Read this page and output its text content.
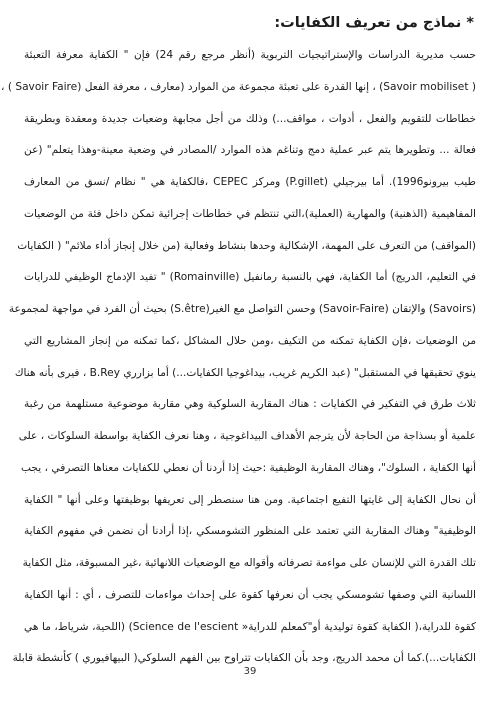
* نماذج من تعريف الكفايات:
حسب مديرية الدراسات والإستراتيجيات التربوية (أنظر مرجع رقم 24) فإن " الكفاية معرفة التعبئة
( Savoir mobiliset) ، إنها القدرة على تعبئة مجموعة من الموارد (معارف ، معرفة الفعل (Savoir Faire ) ،
خطاطات للتقويم والفعل ، أدوات ، مواقف...) وذلك من أجل مجابهة وضعيات جديدة ومعقدة وبطريقة
فعالة ... وتطويرها يتم عبر عملية دمج وتناغم هذه الموارد /المصادر في وضعية معينة-وهذا يتعلم" (عن
طيب بيرونو1996). أما بيرجيلي (P.gillet) ومركز CEPEC ،فالكفاية هي " نظام /نسق من المعارف
المفاهيمية (الذهنية) والمهارية (العملية)،التي تنتظم في خطاطات إجرائية تمكن داخل فئة من الوضعيات
(المواقف) من التعرف على المهمة، الإشكالية وحدها بنشاط وفعالية (من خلال إنجاز أداء ملائم" ( الكفايات
في التعليم، الدريج) أما الكفاية، فهي بالنسبة رمانفيل (Romainville) " تفيد الإدماج الوظيفي للدرايات
(Savoirs) والإتقان (Savoir-Faire) وحسن التواصل مع الغير(S.être) بحيث أن الفرد في مواجهة لمجموعة
من الوضعيات ،فإن الكفاية تمكنه من التكيف ،ومن حلال المشاكل ،كما تمكنه من إنجاز المشاريع التي
ينوي تحقيقها في المستقبل" (عبد الكريم غريب، بيداغوجيا الكفايات...) أما بزارري B.Rey ، فيرى بأنه هناك
ثلاث طرق في التفكير في الكفايات : هناك المقاربة السلوكية وهي مقاربة موضوعية مستلهمة من رغبة
علمية أو بسذاجة من الحاجة لأن يترجم الأهداف البيداغوجية ، وهنا نعرف الكفاية بواسطة السلوكات ، على
أنها الكفاية ، السلوك"، وهناك المقاربة الوظيفية :حيث إذا أردنا أن نعطي للكفايات معناها التصرفي ، يجب
أن نحال الكفاية إلى غايتها التفيع اجتماعية. ومن هنا سنصطر إلى تعريفها بوظيفتها وعلى أنها " الكفاية
الوظيفية" وهناك المقاربة التي تعتمد على المنظور التشومسكي ،إذا أرادنا أن نضمن في مفهوم الكفاية
تلك القدرة التي للإنسان على مواءمة تصرفاته وأقواله مع الوضعيات اللانهائية ،غير المسبوقة، مثل الكفاية
اللسانية التي وصفها تشومسكي يجب أن نعرفها كقوة على إحداث مواءمات للتصرف ، أي : أنها الكفاية
كقوة للدراية،( الكفاية كقوة توليدية أو"كمعلم للدراية« Science de l'escient) (اللحية، شرياط، ما هي
الكفايات...).كما أن محمد الدريج، وجد بأن الكفايات تتراوح بين الفهم السلوكي( البيهافيوري ) كأنشطة قابلة
39
